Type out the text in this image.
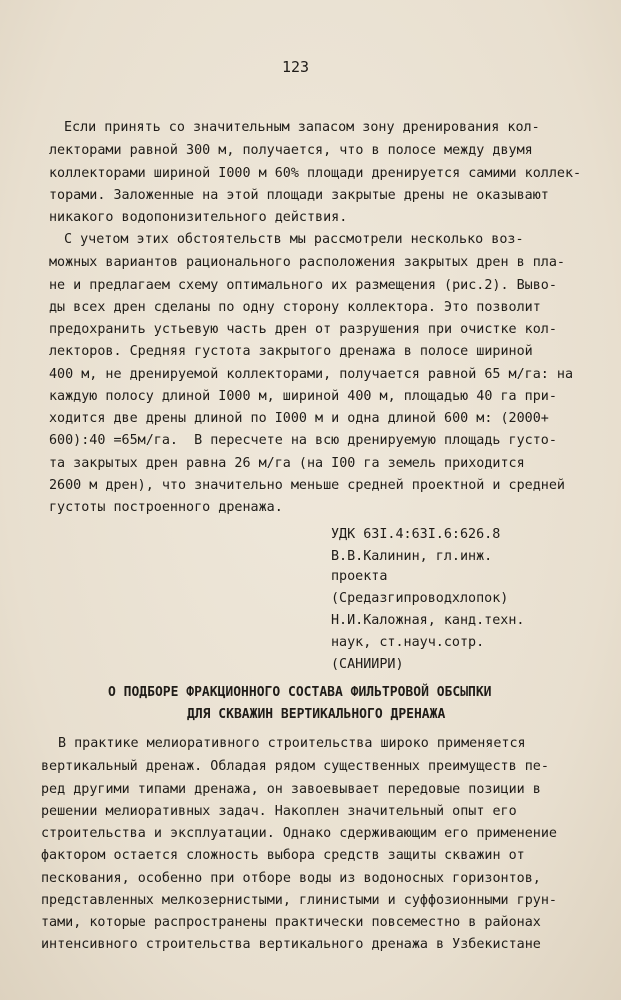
123
Если принять со значительным запасом зону дренирования кол-
лекторами равной 300 м, получается, что в полосе между двумя
коллекторами шириной I000 м 60% площади дренируется самими коллек-
торами. Заложенные на этой площади закрытые дрены не оказывают
никакого водопонизительного действия.
С учетом этих обстоятельств мы рассмотрели несколько воз-
можных вариантов рационального расположения закрытых дрен в пла-
не и предлагаем схему оптимального их размещения (рис.2). Выво-
ды всех дрен сделаны по одну сторону коллектора. Это позволит
предохранить устьевую часть дрен от разрушения при очистке кол-
лекторов. Средняя густота закрытого дренажа в полосе шириной
400 м, не дренируемой коллекторами, получается равной 65 м/га: на
каждую полосу длиной I000 м, шириной 400 м, площадью 40 га при-
ходится две дрены длиной по I000 м и одна длиной 600 м: (2000+
600):40 =65м/га.  В пересчете на всю дренируемую площадь густо-
та закрытых дрен равна 26 м/га (на I00 га земель приходится
2600 м дрен), что значительно меньше средней проектной и средней
густоты построенного дренажа.
УДК 63I.4:63I.6:626.8
В.В.Калинин, гл.инж.
проекта
(Средазгипроводхлопок)
Н.И.Каложная, канд.техн.
наук, ст.науч.сотр.
(САНИИРИ)
О ПОДБОРЕ ФРАКЦИОННОГО СОСТАВА ФИЛЬТРОВОЙ ОБСЫПКИ
ДЛЯ СКВАЖИН ВЕРТИКАЛЬНОГО ДРЕНАЖА
В практике мелиоративного строительства широко применяется
вертикальный дренаж. Обладая рядом существенных преимуществ пе-
ред другими типами дренажа, он завоевывает передовые позиции в
решении мелиоративных задач. Накоплен значительный опыт его
строительства и эксплуатации. Однако сдерживающим его применение
фактором остается сложность выбора средств защиты скважин от
пескования, особенно при отборе воды из водоносных горизонтов,
представленных мелкозернистыми, глинистыми и суффозионными грун-
тами, которые распространены практически повсеместно в районах
интенсивного строительства вертикального дренажа в Узбекистане
